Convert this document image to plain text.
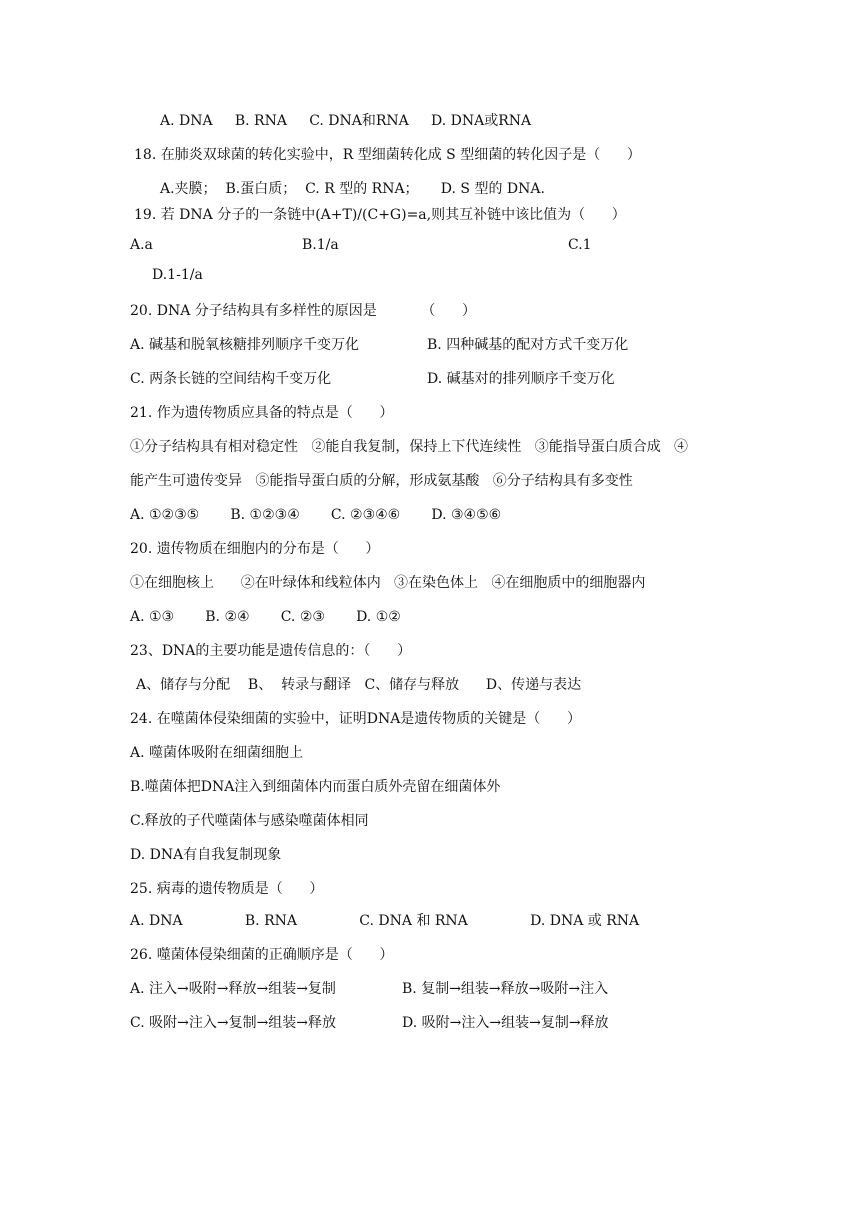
A. DNA     B. RNA     C. DNA和RNA     D. DNA或RNA
18. 在肺炎双球菌的转化实验中，R 型细菌转化成 S 型细菌的转化因子是（      ）
A.夹膜；  B.蛋白质；  C. R 型的 RNA；     D. S 型的 DNA.
19. 若 DNA 分子的一条链中(A+T)/(C+G)=a,则其互补链中该比值为（      ）
A.a	B.1/a	C.1
D.1-1/a
20. DNA 分子结构具有多样性的原因是          （      ）
A. 碱基和脱氧核糖排列顺序千变万化	B. 四种碱基的配对方式千变万化
C. 两条长链的空间结构千变万化	D. 碱基对的排列顺序千变万化
21. 作为遗传物质应具备的特点是（      ）
①分子结构具有相对稳定性   ②能自我复制，保持上下代连续性   ③能指导蛋白质合成   ④
能产生可遗传变异   ⑤能指导蛋白质的分解，形成氨基酸   ⑥分子结构具有多变性
A. ①②③⑤       B. ①②③④       C. ②③④⑥       D. ③④⑤⑥
20. 遗传物质在细胞内的分布是（      ）
①在细胞核上      ②在叶绿体和线粒体内   ③在染色体上   ④在细胞质中的细胞器内
A. ①③       B. ②④       C. ②③       D. ①②
23、DNA的主要功能是遗传信息的：（      ）
A、储存与分配    B、  转录与翻译   C、储存与释放      D、传递与表达
24. 在噬菌体侵染细菌的实验中，证明DNA是遗传物质的关键是（      ）
A. 噬菌体吸附在细菌细胞上
B.噬菌体把DNA注入到细菌体内而蛋白质外壳留在细菌体外
C.释放的子代噬菌体与感染噬菌体相同
D. DNA有自我复制现象
25. 病毒的遗传物质是（      ）
A. DNA              B. RNA              C. DNA 和 RNA              D. DNA 或 RNA
26. 噬菌体侵染细菌的正确顺序是（      ）
A. 注入→吸附→释放→组装→复制	B. 复制→组装→释放→吸附→注入
C. 吸附→注入→复制→组装→释放	D. 吸附→注入→组装→复制→释放
